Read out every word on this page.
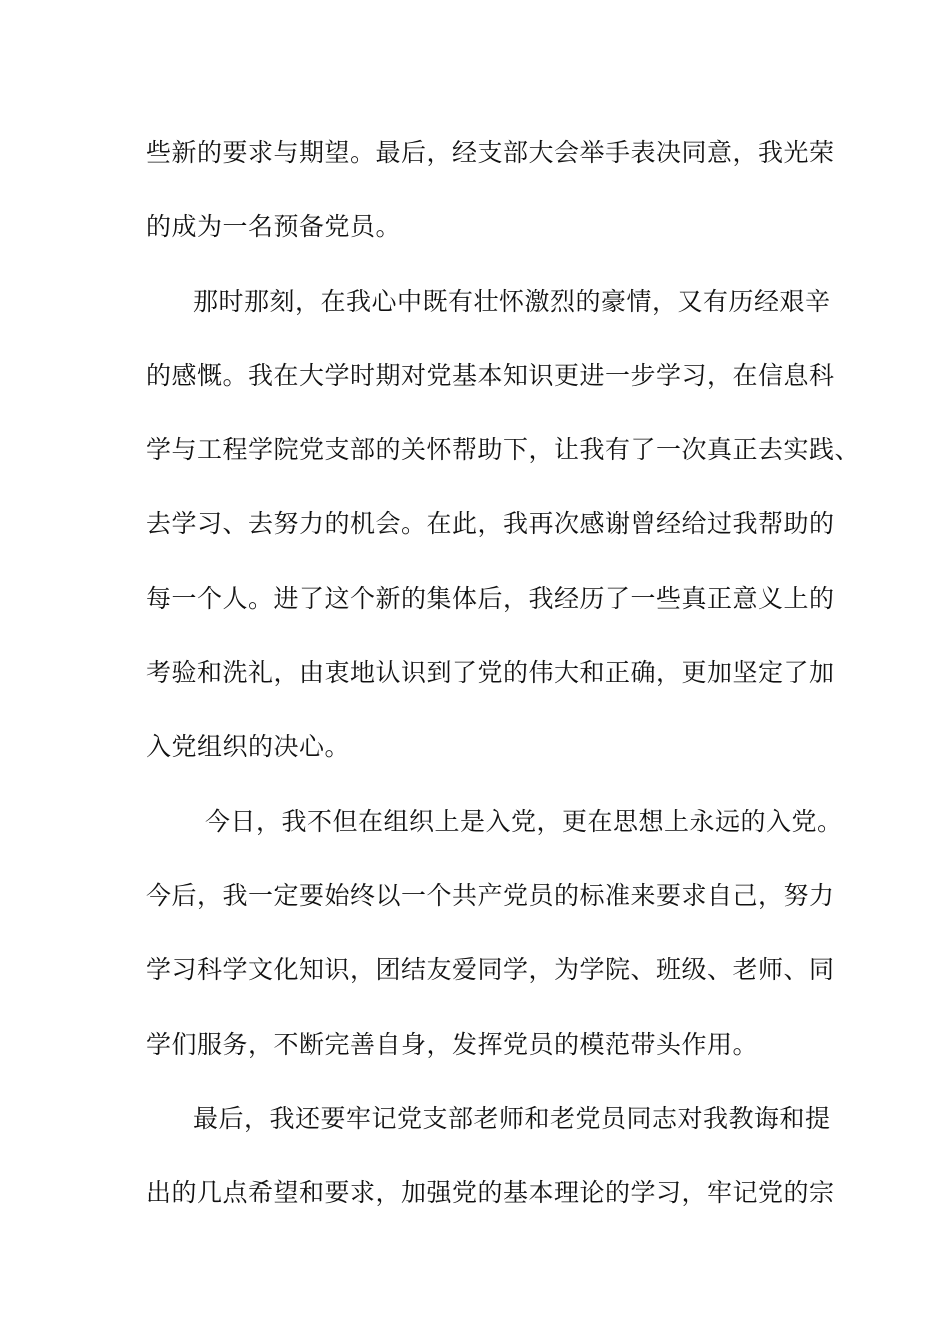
些新的要求与期望。最后，经支部大会举手表决同意，我光荣
的成为一名预备党员。
那时那刻，在我心中既有壮怀激烈的豪情，又有历经艰辛
的感慨。我在大学时期对党基本知识更进一步学习，在信息科
学与工程学院党支部的关怀帮助下，让我有了一次真正去实践、
去学习、去努力的机会。在此，我再次感谢曾经给过我帮助的
每一个人。进了这个新的集体后，我经历了一些真正意义上的
考验和洗礼，由衷地认识到了党的伟大和正确，更加坚定了加
入党组织的决心。
今日，我不但在组织上是入党，更在思想上永远的入党。
今后，我一定要始终以一个共产党员的标准来要求自己，努力
学习科学文化知识，团结友爱同学，为学院、班级、老师、同
学们服务，不断完善自身，发挥党员的模范带头作用。
最后，我还要牢记党支部老师和老党员同志对我教诲和提
出的几点希望和要求，加强党的基本理论的学习，牢记党的宗
